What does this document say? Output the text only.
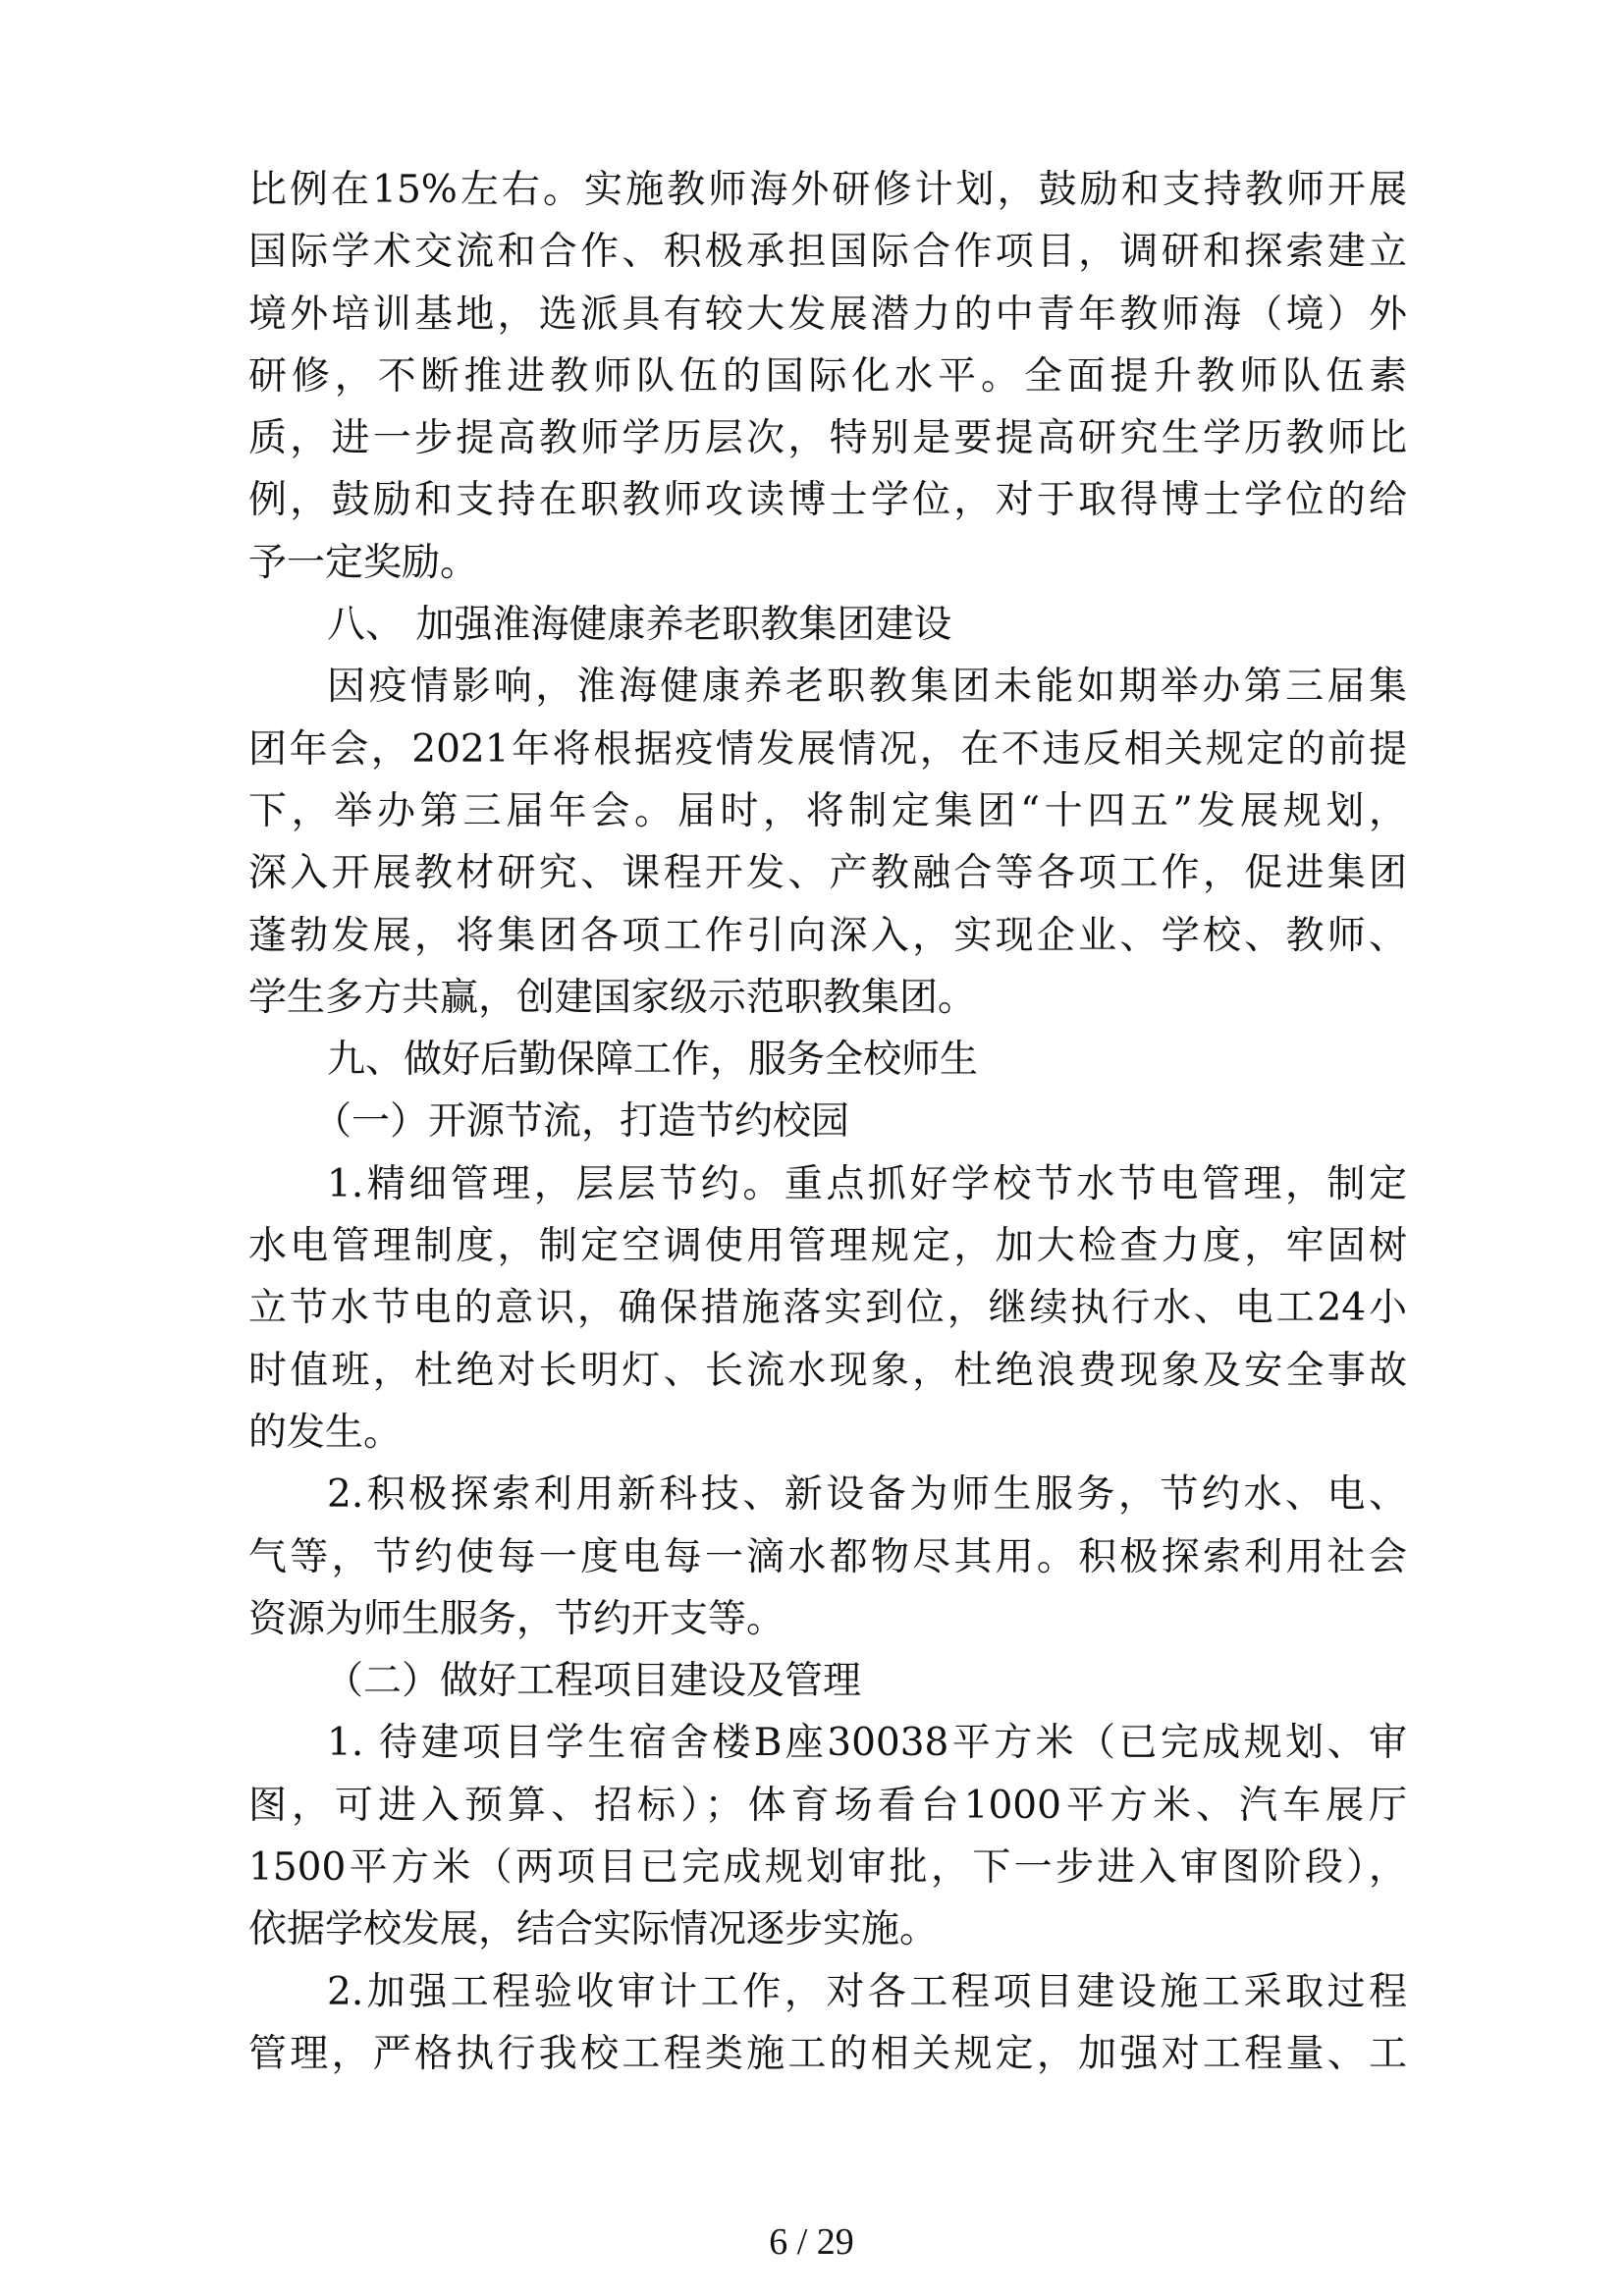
比例在15%左右。实施教师海外研修计划，鼓励和支持教师开展
国际学术交流和合作、积极承担国际合作项目，调研和探索建立
境外培训基地，选派具有较大发展潜力的中青年教师海（境）外
研修，不断推进教师队伍的国际化水平。全面提升教师队伍素
质，进一步提高教师学历层次，特别是要提高研究生学历教师比
例，鼓励和支持在职教师攻读博士学位，对于取得博士学位的给
予一定奖励。
八、 加强淮海健康养老职教集团建设
因疫情影响，淮海健康养老职教集团未能如期举办第三届集
团年会，2021年将根据疫情发展情况，在不违反相关规定的前提
下，举办第三届年会。届时，将制定集团“十四五”发展规划，
深入开展教材研究、课程开发、产教融合等各项工作，促进集团
蓬勃发展，将集团各项工作引向深入，实现企业、学校、教师、
学生多方共赢，创建国家级示范职教集团。
九、做好后勤保障工作，服务全校师生
（一）开源节流，打造节约校园
1.精细管理，层层节约。重点抓好学校节水节电管理，制定
水电管理制度，制定空调使用管理规定，加大检查力度，牢固树
立节水节电的意识，确保措施落实到位，继续执行水、电工24小
时值班，杜绝对长明灯、长流水现象，杜绝浪费现象及安全事故
的发生。
2.积极探索利用新科技、新设备为师生服务，节约水、电、
气等，节约使每一度电每一滴水都物尽其用。积极探索利用社会
资源为师生服务，节约开支等。
（二）做好工程项目建设及管理
1. 待建项目学生宿舍楼B座30038平方米（已完成规划、审
图，可进入预算、招标）；体育场看台1000平方米、汽车展厅
1500平方米（两项目已完成规划审批，下一步进入审图阶段），
依据学校发展，结合实际情况逐步实施。
2.加强工程验收审计工作，对各工程项目建设施工采取过程
管理，严格执行我校工程类施工的相关规定，加强对工程量、工
6 / 29
